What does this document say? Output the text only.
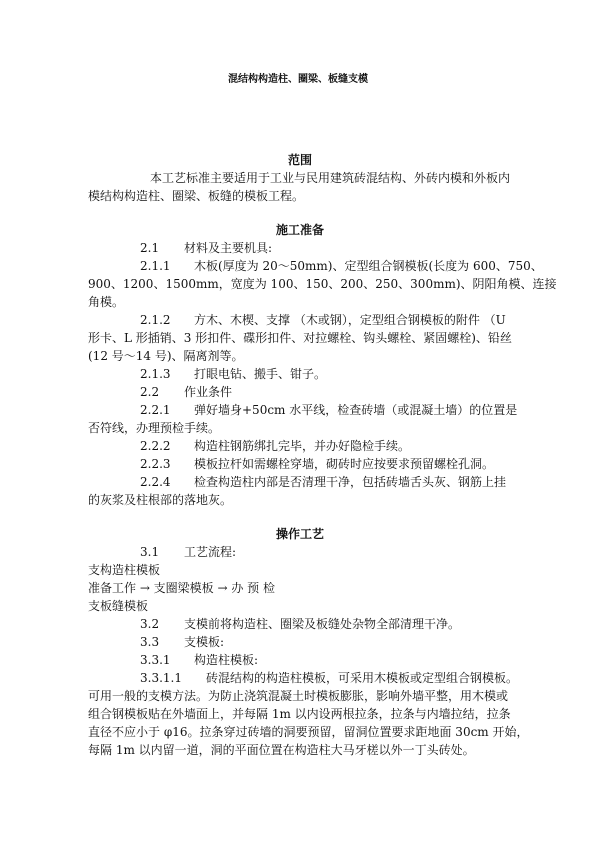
混结构构造柱、圈梁、板缝支模
范围
本工艺标准主要适用于工业与民用建筑砖混结构、外砖内模和外板内
模结构构造柱、圈梁、板缝的模板工程。
施工准备
2.1 材料及主要机具:
2.1.1 木板(厚度为 20～50mm)、定型组合钢模板(长度为 600、750、
900、1200、1500mm，宽度为 100、150、200、250、300mm)、阴阳角模、连接
角模。
2.1.2 方木、木楔、支撑 （木或钢），定型组合钢模板的附件 （U
形卡、L 形插销、3 形扣件、碟形扣件、对拉螺栓、钩头螺栓、紧固螺栓)、铅丝
(12 号～14 号)、隔离剂等。
2.1.3 打眼电钻、搬手、钳子。
2.2 作业条件
2.2.1 弹好墙身+50cm 水平线，检查砖墙（或混凝土墙）的位置是
否符线，办理预检手续。
2.2.2 构造柱钢筋绑扎完毕，并办好隐检手续。
2.2.3 模板拉杆如需螺栓穿墙，砌砖时应按要求预留螺栓孔洞。
2.2.4 检查构造柱内部是否清理干净，包括砖墙舌头灰、钢筋上挂
的灰浆及柱根部的落地灰。
操作工艺
3.1 工艺流程:
支构造柱模板
准备工作 → 支圈梁模板 → 办 预 检
支板缝模板
3.2 支模前将构造柱、圈梁及板缝处杂物全部清理干净。
3.3 支模板:
3.3.1 构造柱模板:
3.3.1.1 砖混结构的构造柱模板，可采用木模板或定型组合钢模板。
可用一般的支模方法。为防止浇筑混凝土时模板膨胀，影响外墙平整，用木模或
组合钢模板贴在外墙面上，并每隔 1m 以内设两根拉条，拉条与内墙拉结，拉条
直径不应小于 φ16。拉条穿过砖墙的洞要预留，留洞位置要求距地面 30cm 开始，
每隔 1m 以内留一道，洞的平面位置在构造柱大马牙槎以外一丁头砖处。
